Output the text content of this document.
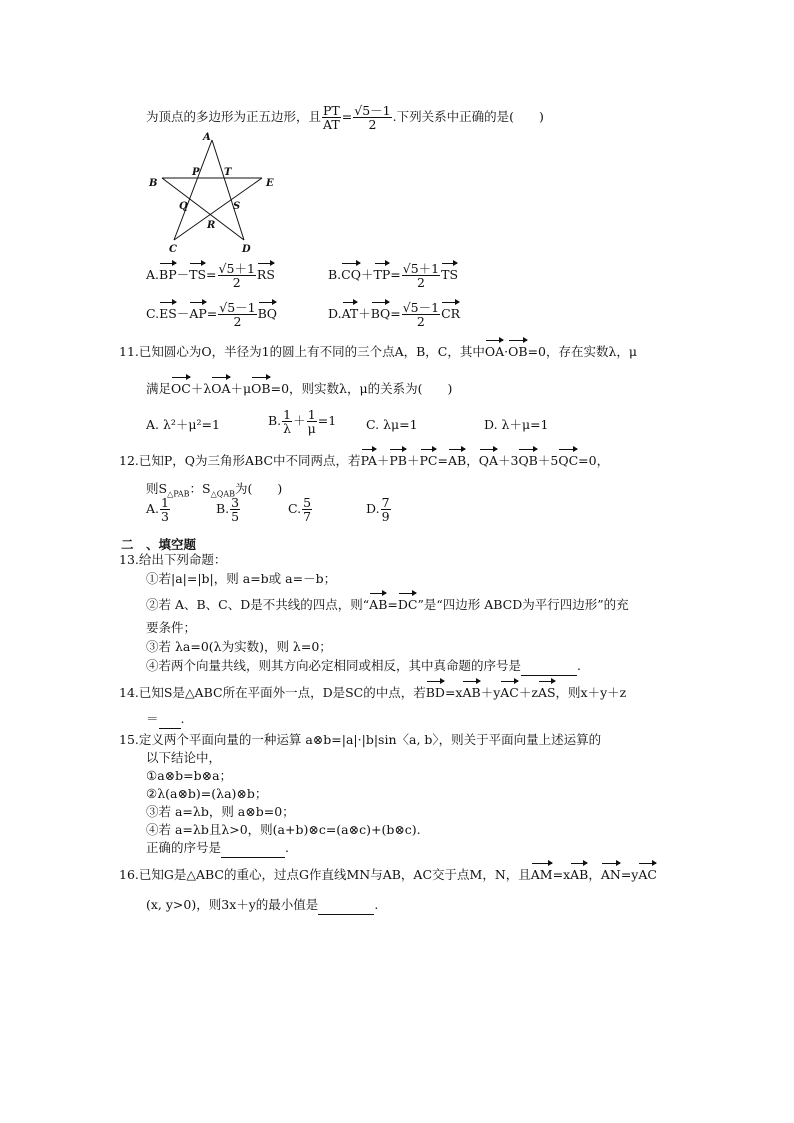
为顶点的多边形为正五边形，且 $\frac{PT}{AT} = \frac{√5-1}{2}$ .下列关系中正确的是(　　)
A
B	E
P T
Q	S
R
C	D
$A.BP-TS= \frac{√5+1}{2}$ RS	$B.CQ+TP= \frac{√5+1}{2}$ TS
$C.ES-AP= \frac{√5-1}{2}$ BQ	$D.AT+BQ= \frac{√5-1}{2}$ CR
11.已知圆心为O，半径为1的圆上有不同的三个点A，B，C，其中OA·OB=0，存在实数λ，μ
满足OC＋λOA＋μOB=0，则实数λ，μ的关系为(　　)
A. λ²＋μ²=1	B. $\frac{1}{\lambda} + \frac{1}{\mu} =1$ C. λμ=1	D. λ＋μ=1
12.已知P，Q为三角形ABC中不同两点，若PA＋PB＋PC=AB，QA＋3QB＋5QC=0，
则$S_{\triangle PAB}$：$S_{\triangle QAB}$为(　　)
A. $\frac{1}{3}$	B. $\frac{3}{5}$	C. $\frac{5}{7}$	D. $\frac{7}{9}$
二　、填空题
13.给出下列命题：
①若|a|=|b|，则 a=b或 a=－b；
②若 A、B、C、D是不共线的四点，则“AB=DC”是“四边形 ABCD为平行四边形”的充
要条件；
③若 λa=0(λ为实数)，则 λ=0；
④若两个向量共线，则其方向必定相同或相反，其中真命题的序号是	.
14.已知S是△ABC所在平面外一点，D是SC的中点，若BD=xAB＋yAC＋zAS，则x＋y＋z
＝ .
15.定义两个平面向量的一种运算 a⊗b=|a|·|b|sin〈a, b〉，则关于平面向量上述运算的
以下结论中，
①a⊗b=b⊗a；
②λ(a⊗b)=(λa)⊗b；
③若 a=λb，则 a⊗b=0；
④若 a=λb且λ>0，则(a+b)⊗c=(a⊗c)+(b⊗c).
正确的序号是	.
16.已知G是△ABC的重心，过点G作直线MN与AB，AC交于点M，N，且AM=xAB，AN=yAC
(x, y>0)，则3x＋y的最小值是	.
